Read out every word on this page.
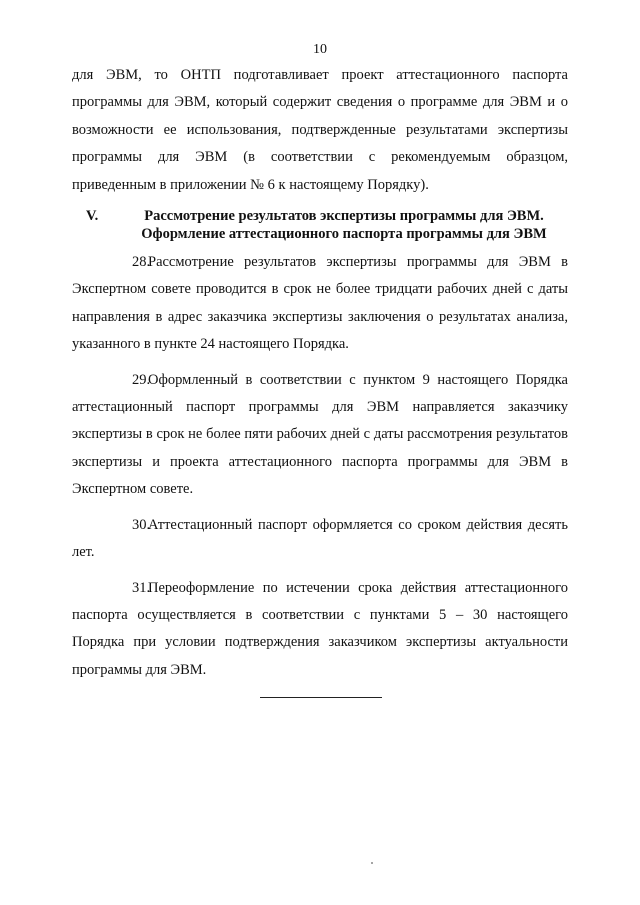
10

для ЭВМ, то ОНТП подготавливает проект аттестационного паспорта программы для ЭВМ, который содержит сведения о программе для ЭВМ и о возможности ее использования, подтвержденные результатами экспертизы программы для ЭВМ (в соответствии с рекомендуемым образцом, приведенным в приложении № 6 к настоящему Порядку).

V.	Рассмотрение результатов экспертизы программы для ЭВМ.
Оформление аттестационного паспорта программы для ЭВМ

28.Рассмотрение результатов экспертизы программы для ЭВМ в Экспертном совете проводится в срок не более тридцати рабочих дней с даты направления в адрес заказчика экспертизы заключения о результатах анализа, указанного в пункте 24 настоящего Порядка.

29.Оформленный в соответствии с пунктом 9 настоящего Порядка аттестационный паспорт программы для ЭВМ направляется заказчику экспертизы в срок не более пяти рабочих дней с даты рассмотрения результатов экспертизы и проекта аттестационного паспорта программы для ЭВМ в Экспертном совете.

30.Аттестационный паспорт оформляется со сроком действия десять лет.

31.Переоформление по истечении срока действия аттестационного паспорта осуществляется в соответствии с пунктами 5 – 30 настоящего Порядка при условии подтверждения заказчиком экспертизы актуальности программы для ЭВМ.
